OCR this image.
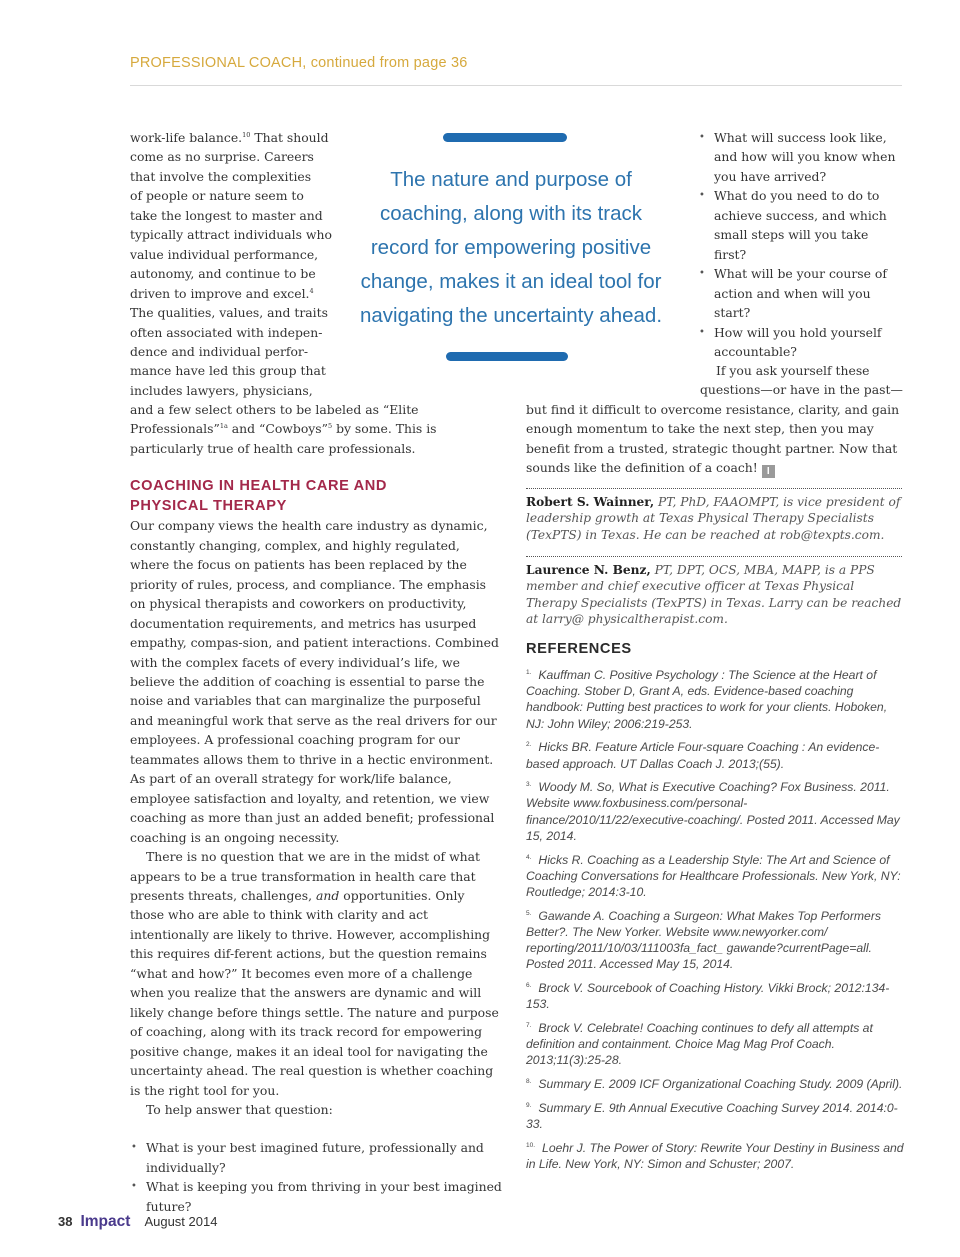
PROFESSIONAL COACH, continued from page 36
work-life balance.$^{10}$ That should
come as no surprise. Careers
that involve the complexities
of people or nature seem to
take the longest to master and
typically attract individuals who
value individual performance,
autonomy, and continue to be
driven to improve and excel.$^4$
The qualities, values, and traits
often associated with indepen-
dence and individual perfor-
mance have led this group that
includes lawyers, physicians,

and a few select others to be labeled as “Elite Professionals”$^{1a}$ and “Cowboys”$^5$ by some. This is particularly true of health care professionals.

COACHING IN HEALTH CARE AND PHYSICAL THERAPY

Our company views the health care industry as dynamic, constantly changing, complex, and highly regulated, where the focus on patients has been replaced by the priority of rules, process, and compliance. The emphasis on physical therapists and coworkers on productivity, documentation requirements, and metrics has usurped empathy, compas-sion, and patient interactions. Combined with the complex facets of every individual’s life, we believe the addition of coaching is essential to parse the noise and variables that can marginalize the purposeful and meaningful work that serve as the real drivers for our employees. A professional coaching program for our teammates allows them to thrive in a hectic environment. As part of an overall strategy for work/life balance, employee satisfaction and loyalty, and retention, we view coaching as more than just an added benefit; professional coaching is an ongoing necessity.

There is no question that we are in the midst of what appears to be a true transformation in health care that presents threats, challenges, and opportunities. Only those who are able to think with clarity and act intentionally are likely to thrive. However, accomplishing this requires dif-ferent actions, but the question remains “what and how?” It becomes even more of a challenge when you realize that the answers are dynamic and will likely change before things settle. The nature and purpose of coaching, along with its track record for empowering positive change, makes it an ideal tool for navigating the uncertainty ahead. The real question is whether coaching is the right tool for you.

To help answer that question:

• What is your best imagined future, professionally and individually?
• What is keeping you from thriving in your best imagined future?
The nature and purpose of coaching, along with its track record for empowering positive change, makes it an ideal tool for navigating the uncertainty ahead.
• What will success look like, and how will you know when you have arrived?
• What do you need to do to achieve success, and which small steps will you take first?
• What will be your course of action and when will you start?
• How will you hold yourself accountable?

If you ask yourself these

questions—or have in the past—

but find it difficult to overcome resistance, clarity, and gain enough momentum to take the next step, then you may benefit from a trusted, strategic thought partner. Now that sounds like the definition of a coach! I

Robert S. Wainner, PT, PhD, FAAOMPT, is vice president of leadership growth at Texas Physical Therapy Specialists (TexPTS) in Texas. He can be reached at rob@texpts.com.
Laurence N. Benz, PT, DPT, OCS, MBA, MAPP, is a PPS member and chief executive officer at Texas Physical Therapy Specialists (TexPTS) in Texas. Larry can be reached at larry@ physicaltherapist.com.
REFERENCES

$^{1.}$ Kauffman C. Positive Psychology : The Science at the Heart of Coaching. Stober D, Grant A, eds. Evidence-based coaching handbook: Putting best practices to work for your clients. Hoboken, NJ: John Wiley; 2006:219-253.

$^{2.}$ Hicks BR. Feature Article Four-square Coaching : An evidence-based approach. UT Dallas Coach J. 2013;(55).

$^{3.}$ Woody M. So, What is Executive Coaching? Fox Business. 2011. Website www.foxbusiness.com/personal-finance/2010/11/22/executive-coaching/. Posted 2011. Accessed May 15, 2014.

$^{4.}$ Hicks R. Coaching as a Leadership Style: The Art and Science of Coaching Conversations for Healthcare Professionals. New York, NY: Routledge; 2014:3-10.

$^{5.}$ Gawande A. Coaching a Surgeon: What Makes Top Performers Better?. The New Yorker. Website www.newyorker.com/ reporting/2011/10/03/111003fa_fact_ gawande?currentPage=all. Posted 2011. Accessed May 15, 2014.

$^{6.}$ Brock V. Sourcebook of Coaching History. Vikki Brock; 2012:134-153.

$^{7.}$ Brock V. Celebrate! Coaching continues to defy all attempts at definition and containment. Choice Mag Mag Prof Coach. 2013;11(3):25-28.

$^{8.}$ Summary E. 2009 ICF Organizational Coaching Study. 2009 (April).

$^{9.}$ Summary E. 9th Annual Executive Coaching Survey 2014. 2014:0-33.

$^{10.}$ Loehr J. The Power of Story: Rewrite Your Destiny in Business and in Life. New York, NY: Simon and Schuster; 2007.

38 Impact August 2014
